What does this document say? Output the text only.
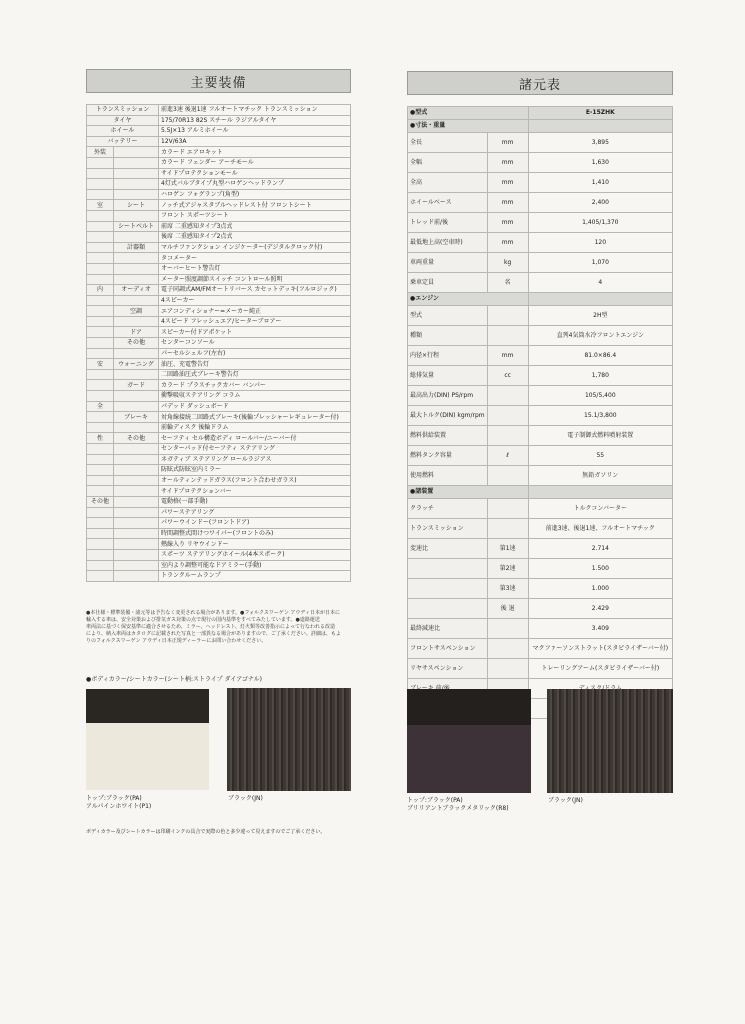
主要装備
トランスミッション		前進3速 後退1速 フルオートマチック トランスミッション
タイヤ		175/70R13 82S スチール ラジアルタイヤ
ホイール		5.5J×13 アルミホイール
バッテリー		12V/63A
外装		カラード エアロキット
		カラード フェンダー アーチモール
		サイドプロテクションモール
		4灯式バルブタイプ丸型ハロゲンヘッドランプ
		ハロゲン フォグランプ(角型)
室	シート	ノッチ式アジャスタブルヘッドレスト付 フロントシート
		フロント スポーツシート
	シートベルト	前席 二重感知タイプ3点式
		後席 二重感知タイプ2点式
	計器類	マルチファンクション インジケーター(デジタルクロック付)
		タコメーター
		オーバーヒート警告灯
		メーター照度調節スイッチ コントロール照明
内	オーディオ	電子同調式AM/FMオートリバース カセットデッキ(フルロジック)
		4スピーカー
	空調	エアコンディショナー=メーカー純正
		4スピード フレッシュエア/ヒーターブロアー
	ドア	スピーカー付ドアポケット
	その他	センターコンソール
		パーセルシェルフ(左右)
安	ウォーニング	油圧、充電警告灯
		二回路油圧式ブレーキ警告灯
	ガード	カラード プラスチックカバー バンパー
		衝撃吸収ステアリング コラム
全		パデッド ダッシュボード
	ブレーキ	対角線接続二回路式ブレーキ(後輪プレッシャーレギュレーター付)
		前輪ディスク 後輪ドラム
性	その他	セーフティ セル構造ボディ ロールバー/ニーバー付
		センターパッド付セーフティ ステアリング
		ネガティブ ステアリング ロールラジアス
		防眩式防眩室内ミラー
		オールティンテッドガラス(フロント合わせガラス)
		サイドプロテクションバー
その他		電動格(一部手動)
		パワーステアリング
		パワーウインドー(フロントドア)
		時間調整式間けつワイパー(フロントのみ)
		熱線入り リヤウインドー
		スポーツ ステアリングホイール(4本スポーク)
		室内より調整可能なドアミラー(手動)
		トランクルームランプ
●本仕様・標準装備・諸元等は予告なく変更される場合があります。●フォルクスワーゲン アウディ日本が日本に
輸入する車は、安全対策および排気ガス対策の点で現行の国内基準をすべてみたしています。●道路運送
車両法に基づく保安基準に適合させるため、ミラー、ヘッドレスト、灯火類等改善指示によって行なわれる改造
により、納入車両はカタログに記載された写真と一部異なる場合がありますので、ご了承ください。詳細は、もよ
りのフォルクスワーゲン アウディ日本正規ディーラーにお問い合わせください。
諸元表
●型式		E-15ZHK
●寸法・重量		
全長	mm	3,895
全幅	mm	1,630
全高	mm	1,410
ホイールベース	mm	2,400
トレッド前/後	mm	1,405/1,370
最低地上高(空車時)	mm	120
車両重量	kg	1,070
乗車定員	名	4
●エンジン		
型式		2H型
種類		直列4気筒水冷フロントエンジン
内径×行程	mm	81.0×86.4
総排気量	cc	1,780
最高出力(DIN) PS/rpm		105/5,400
最大トルク(DIN) kgm/rpm		15.1/3,800
燃料供給装置		電子制御式燃料噴射装置
燃料タンク容量	ℓ	55
使用燃料		無鉛ガソリン
●諸装置		
クラッチ		トルクコンバーター
トランスミッション		前進3速、後退1速、フルオートマチック
変速比	第1速	2.714
	第2速	1.500
	第3速	1.000
	後 退	2.429
最終減速比		3.409
フロントサスペンション		マクファーソンストラット(スタビライザーバー付)
リヤサスペンション		トレーリングアーム(スタビライザーバー付)

●ボディカラー/シートカラー(シート柄:ストライプ ダイアゴナル)
トップ:ブラック(PA)
アルパインホワイト(P1)
ブラック(JN)	トップ:ブラック(PA)
ブリリアントブラックメタリック(R8)
ブラック(JN)
ボディカラー及びシートカラーは印刷インクの具合で実際の色と多少違って見えますのでご了承ください。
